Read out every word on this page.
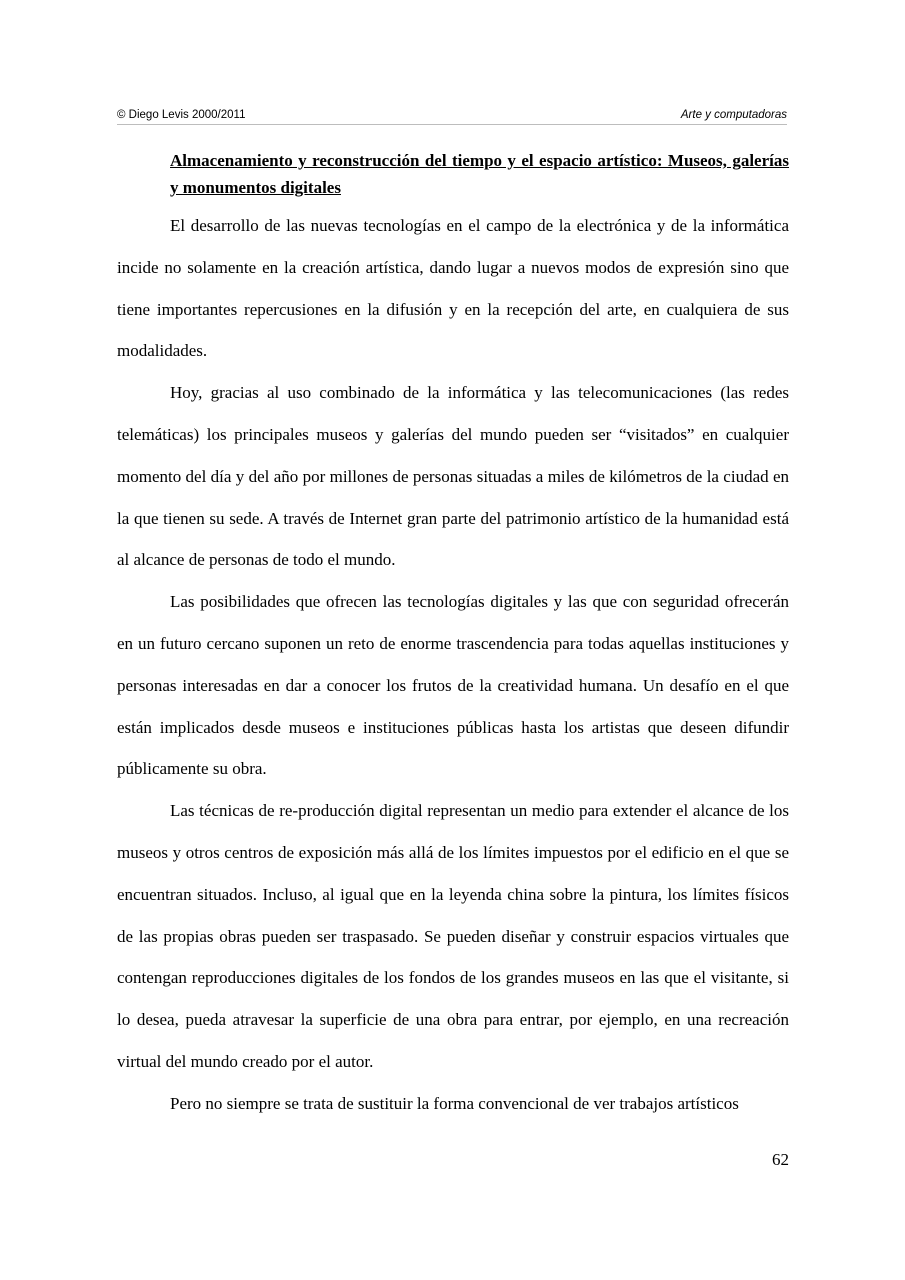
© Diego Levis 2000/2011	Arte y computadoras

Almacenamiento y reconstrucción del tiempo y el espacio artístico: Museos, galerías y monumentos digitales

El desarrollo de las nuevas tecnologías en el campo de la electrónica y de la informática incide no solamente en la creación artística, dando lugar a nuevos modos de expresión sino que tiene importantes repercusiones en la difusión y en la recepción del arte, en cualquiera de sus modalidades.

Hoy, gracias al uso combinado de la informática y las telecomunicaciones (las redes telemáticas) los principales museos y galerías del mundo pueden ser “visitados” en cualquier momento del día y del año por millones de personas situadas a miles de kilómetros de la ciudad en la que tienen su sede. A través de Internet gran parte del patrimonio artístico de la humanidad está al alcance de personas de todo el mundo.

Las posibilidades que ofrecen las tecnologías digitales y las que con seguridad ofrecerán en un futuro cercano suponen un reto de enorme trascendencia para todas aquellas instituciones y personas interesadas en dar a conocer los frutos de la creatividad humana. Un desafío en el que están implicados desde museos e instituciones públicas hasta los artistas que deseen difundir públicamente su obra.

Las técnicas de re-producción digital representan un medio para extender el alcance de los museos y otros centros de exposición más allá de los límites impuestos por el edificio en el que se encuentran situados. Incluso, al igual que en la leyenda china sobre la pintura, los límites físicos de las propias obras pueden ser traspasado. Se pueden diseñar y construir espacios virtuales que contengan reproducciones digitales de los fondos de los grandes museos en las que el visitante, si lo desea, pueda atravesar la superficie de una obra para entrar, por ejemplo, en una recreación virtual del mundo creado por el autor.

Pero no siempre se trata de sustituir la forma convencional de ver trabajos artísticos

62
